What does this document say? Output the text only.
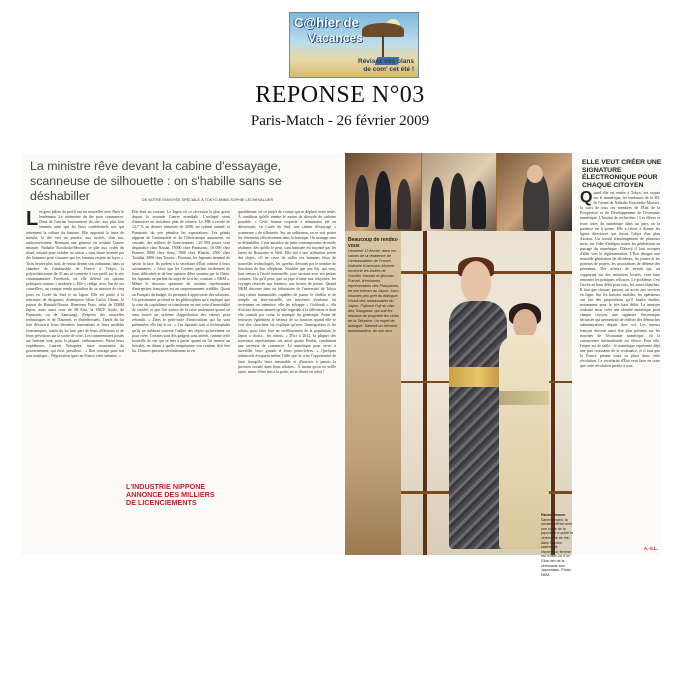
C@hier de
Vacances
Révisez vos plans de com' cet été !
REPONSE N°03
Paris-Match - 26 février 2009
La ministre rêve devant la cabine d'essayage, scanneuse de silhouette : on s'habille sans se déshabiller	DE NOTRE ENVOYÉE SPÉCIALE À TOKYO ANNE-SOPHIE LECHEVALLIER
L es gens pâlots du profil ont mi nouvelles avec Paris le lendemain. Le cérémonie du the pour commencer. Dans de l'ancien bruissement du site, aux plus bon femmes ainsi que les lieux confidentiels rois qui retiennent la culture du kimono. Elle apportait la tasse de matcha, le thé vert en poudre, aux invités, d'un ton, anticonservateur. Remuant une grimace en avalant l'amère mixture, Nathalie Kosciusko-Morizet se plie aux codes du rituel, ensuite pour exhiber au canon « sans doute inventé par des hommes pour s'assurer que les femmes restent au foyer ». Trois heures plus tard, de retour devant son ordinateur, dans sa chambre de l'ambassade de France à Tokyo, la polytechnicienne de 35 ans se connecte à son profil sur le site communautaire Facebook, où elle défend ses options politiques comme « modérée ». Elle y rédige, avec l'un de ses conseillers, un compte rendu quotidien de sa mission de cinq jours en Corée du Sud et au Japon. Elle est partie à la rencontre de dirigeants d'entreprise (dont Carlos Ghosn, le patron de Renault-Nissan, Bienvenu Frais, celui de DMM Japon, mais aussi ceux de JR East, la SNCF locale, de Panasonic ou de Samsung), d'experts des nouvelles technologies et de l'Internet, et d'intellectuels. Tantôt du lui font découvrir leurs dernières innovations et leurs modèles économiques, tantôt du lui font part de leurs réflexions et de leurs prévisions sur la sortie de crise. Les commentaires postés sur Internet sont, pour la plupart, enthousiastes. Parmi leurs expéditeurs, Laurent Wauquiez, autre trentenaire du gouvernement, qui écrit, persifleur : « Bon courage pour ton tour asiatique... Négociation sport en France cette semaine. »
Elle était au courant. Le Japon vit ce récession la plus grave depuis la seconde Guerre mondiale. L'archipel vient d'annoncer un troisième plan de relance. Le PIB a reculé de 12,7 % au dernier trimestre de 2008, un rythme annuel, et Panasonic du yen pénalise les exportations. Les géants nippons de l'automobile et de l'électronique annoncent, en cascade, des milliers de licenciements : 20 000 postes vont disparaître chez Nissan, 15000 chez Panasonic, 10 000 chez Pioneer, 8000 chez Sony, 7000 chez Hitachi, 4500 chez Toshiba, 3000 chez Toyota... Pourtant, les Japonais tiennent de savoir la face. Ils parlent à la secrétaire d'État comme à leurs actionnaires. « Alors que les Coréens parlent facilement de leurs difficultés et de leur opinion d'être soutenu par la Chine, les Japonais ne parlent du sujet de la crise, constate « NKM ». Même le discours optimiste de certains représentants d'entreprises françaises est au surprenamment crédible. Quant au Français du budget, ils prennent à apprivoiser des solutions. Un pessimisme profond se les philosophies qu'a expliqué que la crise du capitalisme se transforme en une crise d'immobilité de société, et que l'on sortira de la crise seulement quand on aura trouvé un système d'approbation des valeurs pour rebondir. » Dans le petit-suite d'innovations qui lui sont présentées, elle fait le tri : « Les Japonais sont si technophiles qu'ils en oublient souvent l'utilité des objets qu'inventent ou pour créer. Certains sont des gadgets sans intérêt, comme cette bouteille de vin qui se met à parler quand on l'ai montre un bracelet, en disant à quelle température son contenu doit être bu. D'autres peuvent révolutionner la vie
quotidienne, tel ce projet de voiture qui se déplace toute seule. À condition qu'elle émette le moins de dioxyde de carbone possible. » Cette femme coquette a néanmoins été en découvrant, en Corée du Sud, une cabine d'essayage « scanneuse » de silhouette. Sur un ordinateur, on se voit porter les vêtements effectivement dans la boutique. On manage sans se déshabiller. Cette amatrice de jeans contemporains de mode réalisme, dès qu'elle le peut, sont habituée est façonné par les lacets de Beaucaire et Weil. Elle fait à une utilisation serrée des objets, s'il ne cesse de railler ces hommes férus de nouvelles technologies, les «geeks» dévoués par le nombre de fonctions de leur téléphone. N'oublie que son fils, qui veut, font rentrer à l'école maternelle, joue sarouan avec ses petites voitures. Ou qu'il peut, que sa jupe n'aime aux tokyoites, les voyages réservés aux femmes, aux heures de pointe. Quand NKM discerne dans un laboratoire de l'université de Tokyo cinq robots humanoïdes capables de passer le chiffon et de remplir un lave-vaisselle, ses souvenirs d'enfance lui reviennent en mémoire: elle les échappe « Goldorak », élu d'où aux dessins animés qu'elle regardait à la télévision et dont elle connaît par coeur la musique du générique. Avant de retrouver également le sérieux de sa fonction quand elle se voit dire chercheur lui explique qu'avec l'immigration et les robots, pour faire face au vieillissement de la population, le Japon a choisi... les robots. « D'ici à 2012, la plupart des nouveaux représentants ont aussi quatre Paulus, conduisent une serveuse de commerce. La numérique pour servir à surveiller leurs grands et leurs petits-frères. » Quelques industriels évoquent même l'idée que la crise l'opportunité de faire lorsqu'ils leurs mesurable et d'innover à jamais la pression sociale dans leurs affaires... À moins qu'on ne veille autre, aimer d'être mis à la porte, ne se disent en robot !
L'INDUSTRIE NIPPONE ANNONCE DES MILLIERS DE LICENCIEMENTS
Beaucoup de rendez-vous
Vendredi 13 février, dans les salons de la résidence de l'ambassadeur de France, Nathalie Kosciusko-Morizet remercie les invités de Yoshiko Sarazin et Ijimotan Fumari, d'éminents représentants des Françaises, de ses tuteurs au Japon. Karo Nowaes peu prêt du dialogue. Visant des ambassades du Japon, Fujimori Fujl du clan des Tokugawa, qui suit les réseaux de propriété les clubs de la Taïwaise. Un esprit de dialogue. Samedi un élément ambassadeur, de son ami.
Pause kimono
Samedi matin, la ministre d'État vient une sortie de la japonaise a quitté la cérémonie de thé, dans l'ancien cabinet de l'arpenteur, femme est d'Asie, lot d'un Gina rien de la cérémonie aux Japonaises. Photo NKM.
ELLE VEUT CRÉER UNE SIGNATURE ÉLECTRONIQUE POUR CHAQUE CITOYEN
Q uand elle est entrée à Tokyo, ses acquis sur le numérique, les tendances de la 3D, de l'avant de Nathalie Kosciusko-Morizet, la suivi de tous ces membres de l'État de la Prospective et du Développement de l'économie numérique. L'Institut de recherches ! Les élèves et leurs actes du numérique dans un pays où la patience est à porter. Elle a réussi à donner les lignes directrices qui feront l'objet d'un plan d'action. Un travail d'aménagement de plusieurs mois, sur l'idée d'intégrer toutes les générations au passage du numérique. D'abord il faut accepter d'aller vers la réglementation. L'État désigne une nouvelle génération de décideurs, les jeunes et les porteurs de projets, les associations de défense des personnes. Des acteurs de terrain qui, en s'appuyant sur des initiatives locales, vont faire remonter les pratiques efficaces. Le problème, c'est l'accès au haut débit pour tous, les zones blanches. Il faut que chacun, partout, ait accès aux services en ligne. Sur les liaisons mobiles, les opérateurs ont fait des propositions qu'il faudra étudier, notamment pour le très haut débit. La ministre souhaite aussi créer une identité numérique pour chaque citoyen, une signature électronique sécurisée qui permettrait de réaliser des démarches administratives depuis chez soi. Les acteurs français doivent aussi être plus présents sur les marchés de l'économie numérique, où la concurrence internationale est féroce. Pour elle, l'enjeu est de taille : le numérique représente déjà une part croissante de la croissance, et il faut que la France prenne toute sa place dans cette révolution. Le secrétariat d'État veut faire en sorte que cette révolution profite à tous.
A.-S.L.
